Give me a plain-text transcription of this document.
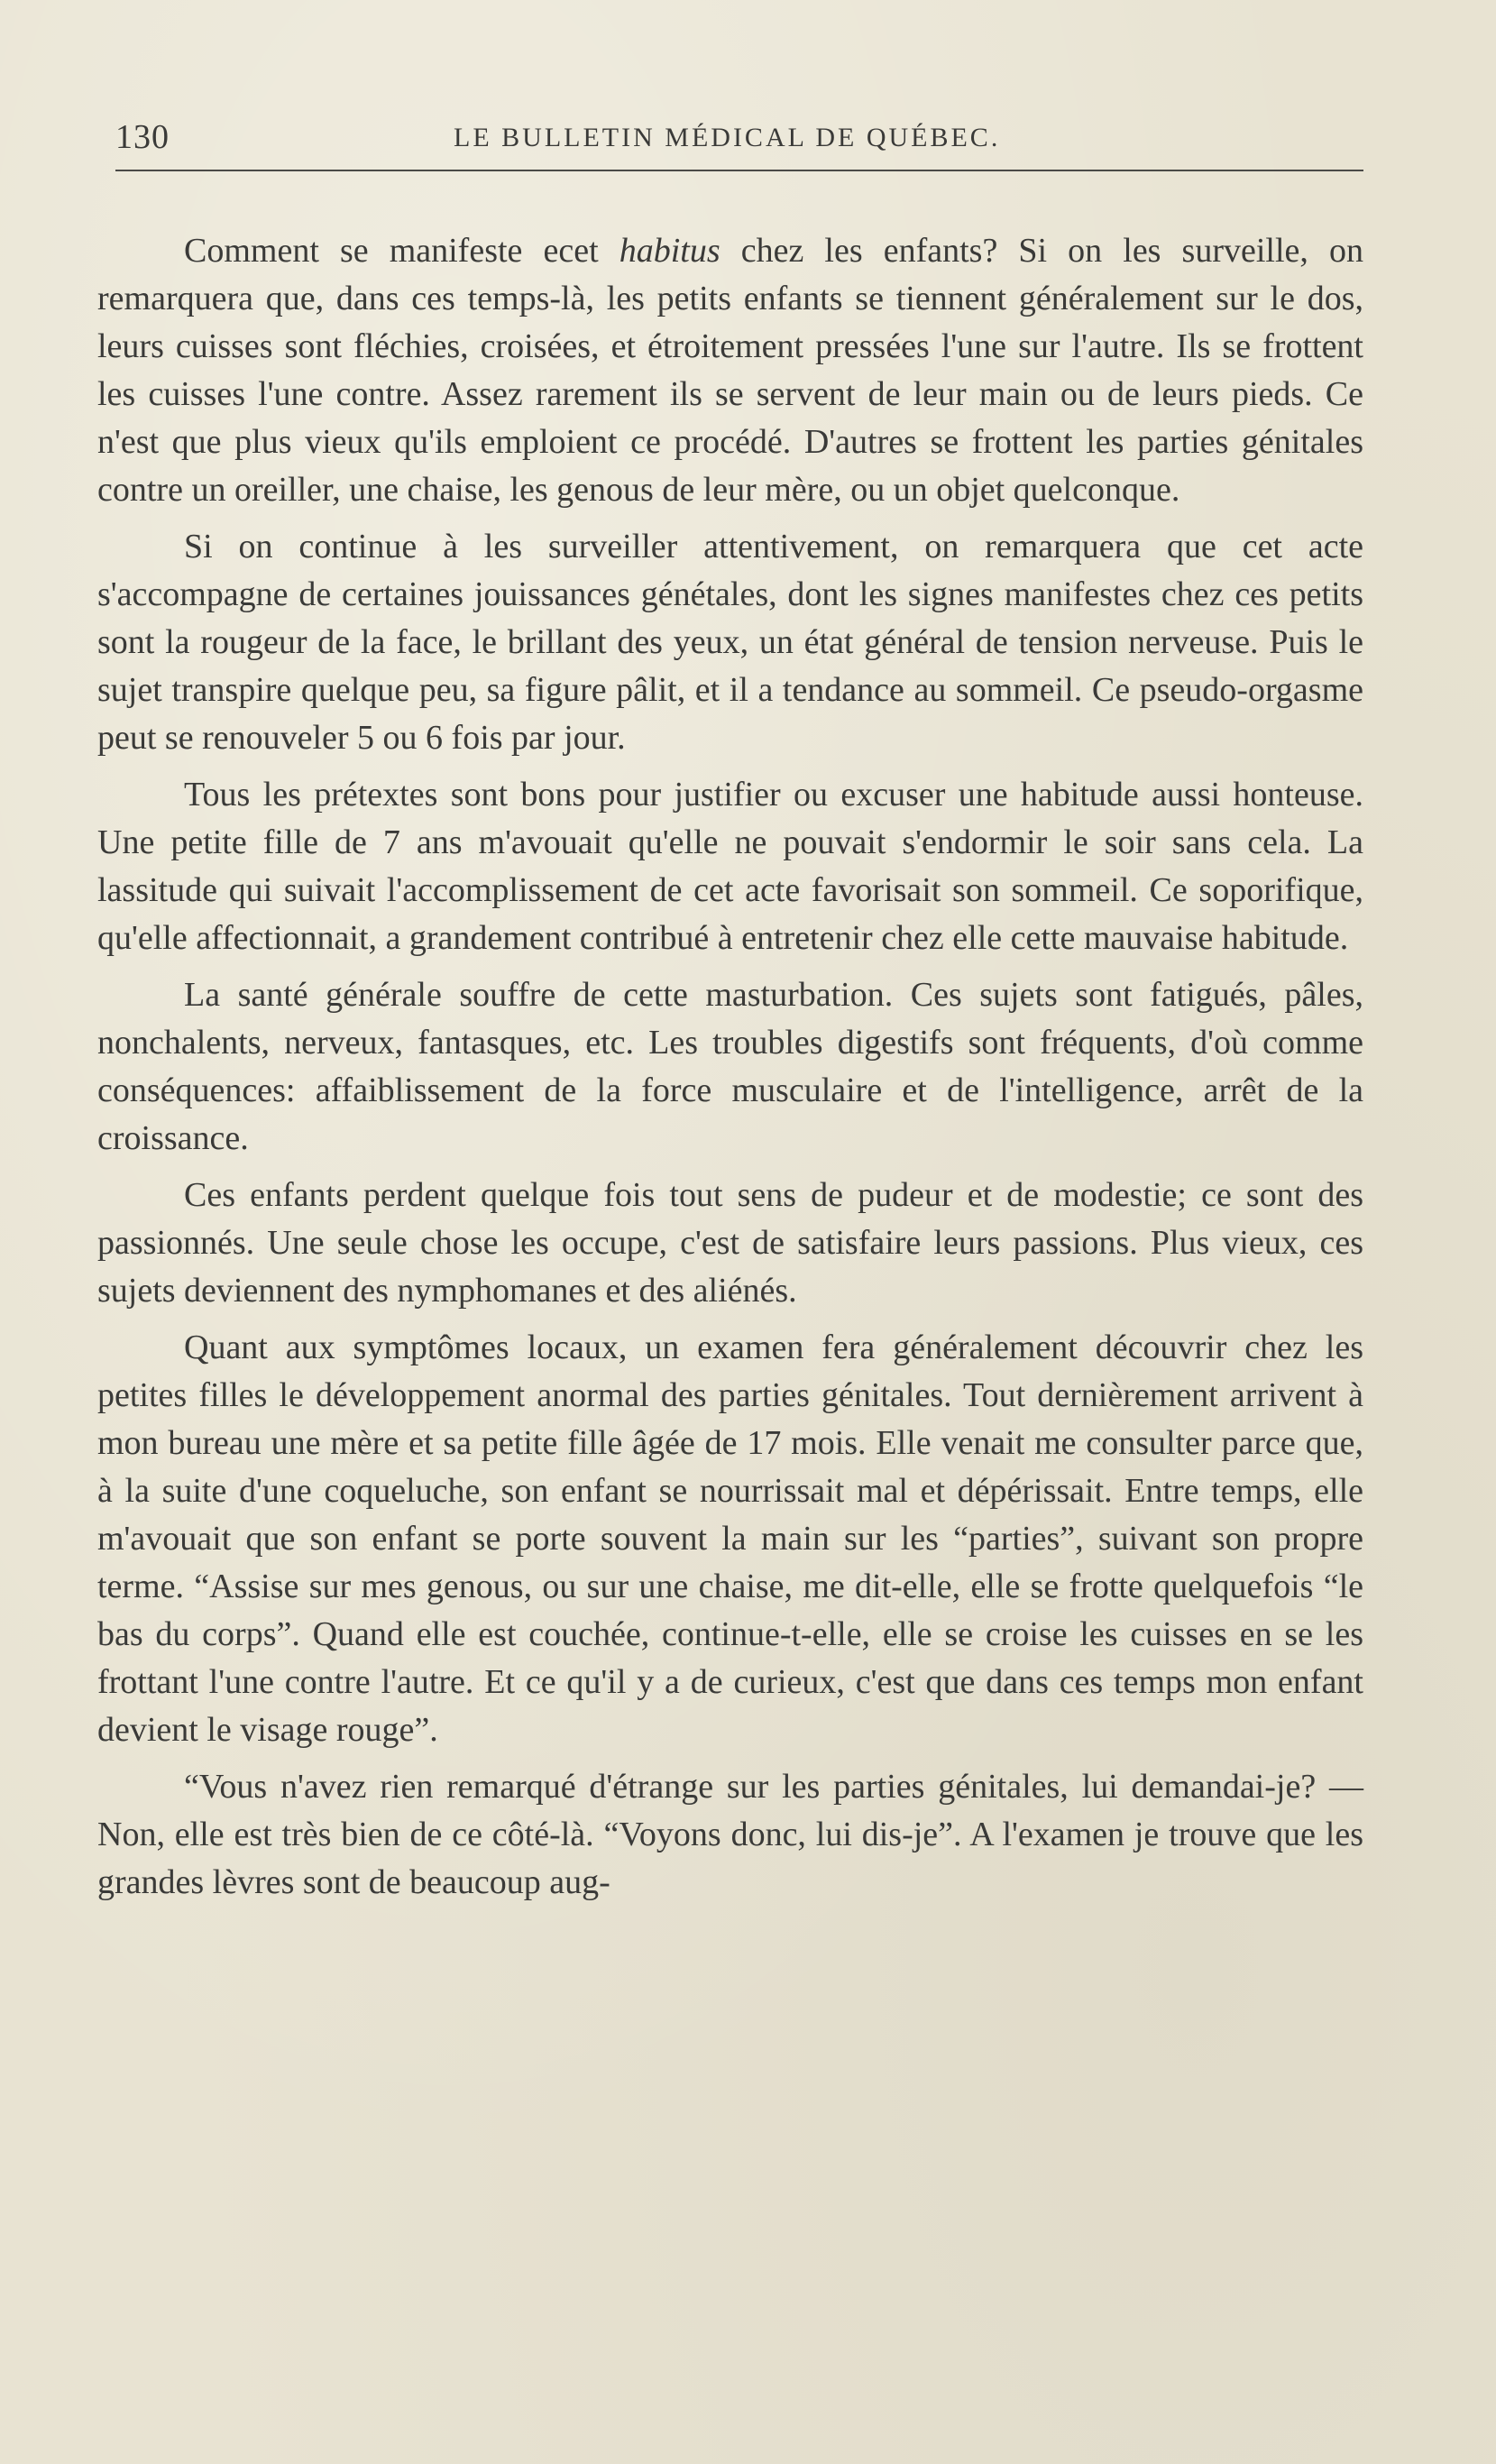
130	LE BULLETIN MÉDICAL DE QUÉBEC.

Comment se manifeste ecet habitus chez les enfants? Si on les surveille, on remarquera que, dans ces temps-là, les petits enfants se tiennent généralement sur le dos, leurs cuisses sont fléchies, croisées, et étroitement pressées l'une sur l'autre. Ils se frottent les cuisses l'une contre. Assez rarement ils se servent de leur main ou de leurs pieds. Ce n'est que plus vieux qu'ils emploient ce procédé. D'autres se frottent les parties génitales contre un oreiller, une chaise, les genous de leur mère, ou un objet quelconque.

Si on continue à les surveiller attentivement, on remarquera que cet acte s'accompagne de certaines jouissances génétales, dont les signes manifestes chez ces petits sont la rougeur de la face, le brillant des yeux, un état général de tension nerveuse. Puis le sujet transpire quelque peu, sa figure pâlit, et il a tendance au sommeil. Ce pseudo-orgasme peut se renouveler 5 ou 6 fois par jour.

Tous les prétextes sont bons pour justifier ou excuser une habitude aussi honteuse. Une petite fille de 7 ans m'avouait qu'elle ne pouvait s'endormir le soir sans cela. La lassitude qui suivait l'accomplissement de cet acte favorisait son sommeil. Ce soporifique, qu'elle affectionnait, a grandement contribué à entretenir chez elle cette mauvaise habitude.

La santé générale souffre de cette masturbation. Ces sujets sont fatigués, pâles, nonchalents, nerveux, fantasques, etc. Les troubles digestifs sont fréquents, d'où comme conséquences: affaiblissement de la force musculaire et de l'intelligence, arrêt de la croissance.

Ces enfants perdent quelque fois tout sens de pudeur et de modestie; ce sont des passionnés. Une seule chose les occupe, c'est de satisfaire leurs passions. Plus vieux, ces sujets deviennent des nymphomanes et des aliénés.

Quant aux symptômes locaux, un examen fera généralement découvrir chez les petites filles le développement anormal des parties génitales. Tout dernièrement arrivent à mon bureau une mère et sa petite fille âgée de 17 mois. Elle venait me consulter parce que, à la suite d'une coqueluche, son enfant se nourrissait mal et dépérissait. Entre temps, elle m'avouait que son enfant se porte souvent la main sur les “parties”, suivant son propre terme. “Assise sur mes genous, ou sur une chaise, me dit-elle, elle se frotte quelquefois “le bas du corps”. Quand elle est couchée, continue-t-elle, elle se croise les cuisses en se les frottant l'une contre l'autre. Et ce qu'il y a de curieux, c'est que dans ces temps mon enfant devient le visage rouge”.

“Vous n'avez rien remarqué d'étrange sur les parties génitales, lui demandai-je? — Non, elle est très bien de ce côté-là. “Voyons donc, lui dis-je”. A l'examen je trouve que les grandes lèvres sont de beaucoup aug-
